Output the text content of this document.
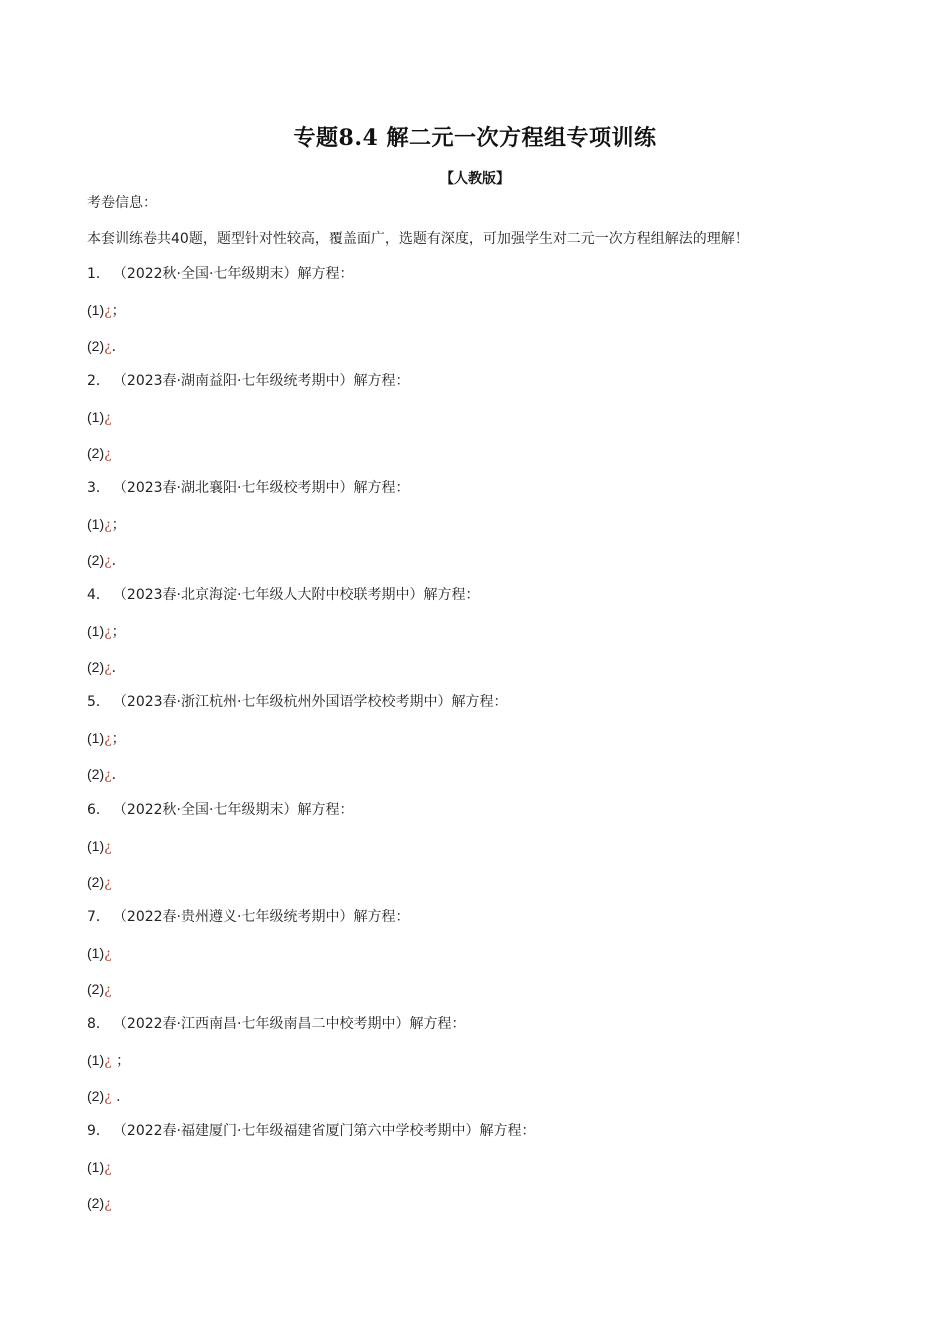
专题8.4 解二元一次方程组专项训练
【人教版】
考卷信息：
本套训练卷共40题，题型针对性较高，覆盖面广，选题有深度，可加强学生对二元一次方程组解法的理解！
1． （2022秋·全国·七年级期末）解方程：
(1)¿；
(2)¿．
2． （2023春·湖南益阳·七年级统考期中）解方程：
(1)¿
(2)¿
3． （2023春·湖北襄阳·七年级校考期中）解方程：
(1)¿；
(2)¿．
4． （2023春·北京海淀·七年级人大附中校联考期中）解方程：
(1)¿；
(2)¿．
5． （2023春·浙江杭州·七年级杭州外国语学校校考期中）解方程：
(1)¿；
(2)¿．
6． （2022秋·全国·七年级期末）解方程：
(1)¿
(2)¿
7． （2022春·贵州遵义·七年级统考期中）解方程：
(1)¿
(2)¿
8． （2022春·江西南昌·七年级南昌二中校考期中）解方程：
(1)¿ ；
(2)¿ .
9． （2022春·福建厦门·七年级福建省厦门第六中学校考期中）解方程：
(1)¿
(2)¿
